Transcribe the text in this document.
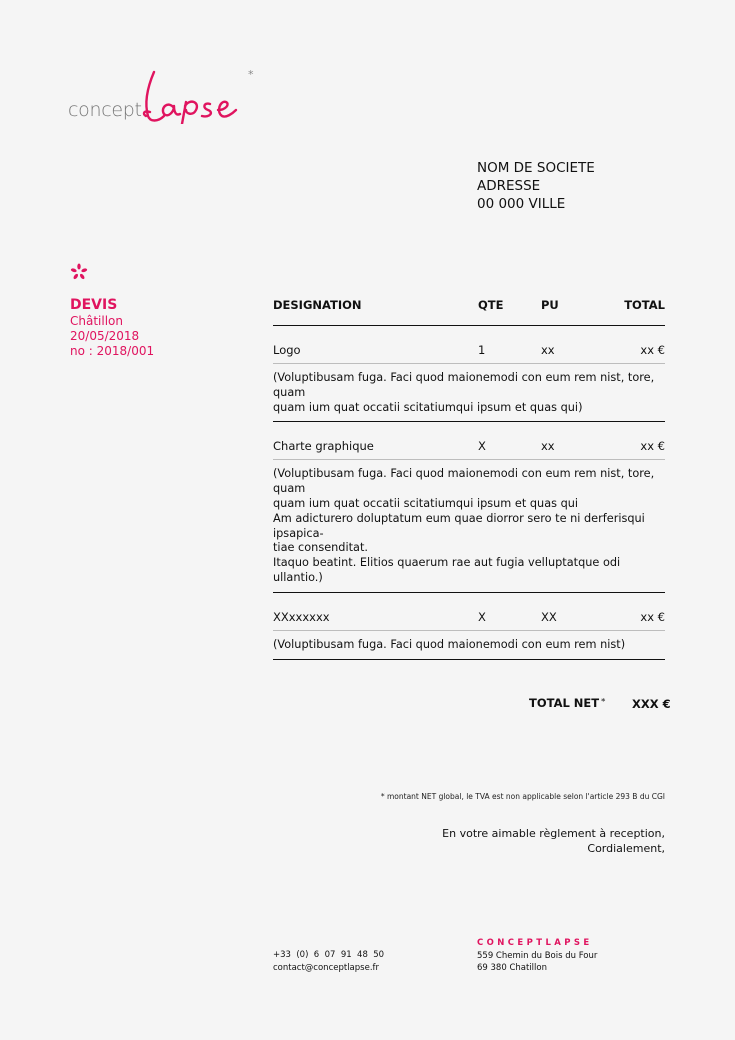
concept
*
NOM DE SOCIETE
ADRESSE
00 000 VILLE
DEVIS
Châtillon
20/05/2018
no : 2018/001
DESIGNATION	QTE	PU	TOTAL
Logo	1	xx	xx €
(Voluptibusam fuga. Faci quod maionemodi con eum rem nist, tore, quam
quam ium quat occatii scitatiumqui ipsum et quas qui)
Charte graphique	X	xx	xx €
(Voluptibusam fuga. Faci quod maionemodi con eum rem nist, tore, quam
quam ium quat occatii scitatiumqui ipsum et quas qui
Am adicturero doluptatum eum quae diorror sero te ni derferisqui ipsapica-
tiae consenditat.
Itaquo beatint. Elitios quaerum rae aut fugia velluptatque odi ullantio.)
XXxxxxxx	X	XX	xx €
(Voluptibusam fuga. Faci quod maionemodi con eum rem nist)
TOTAL NET * XXX €
* montant NET global, le TVA est non applicable selon l'article 293 B du CGI
En votre aimable règlement à reception,
Cordialement,
+33  (0)  6  07  91  48  50
contact@conceptlapse.fr
CONCEPTLAPSE
559 Chemin du Bois du Four
69 380 Chatillon
